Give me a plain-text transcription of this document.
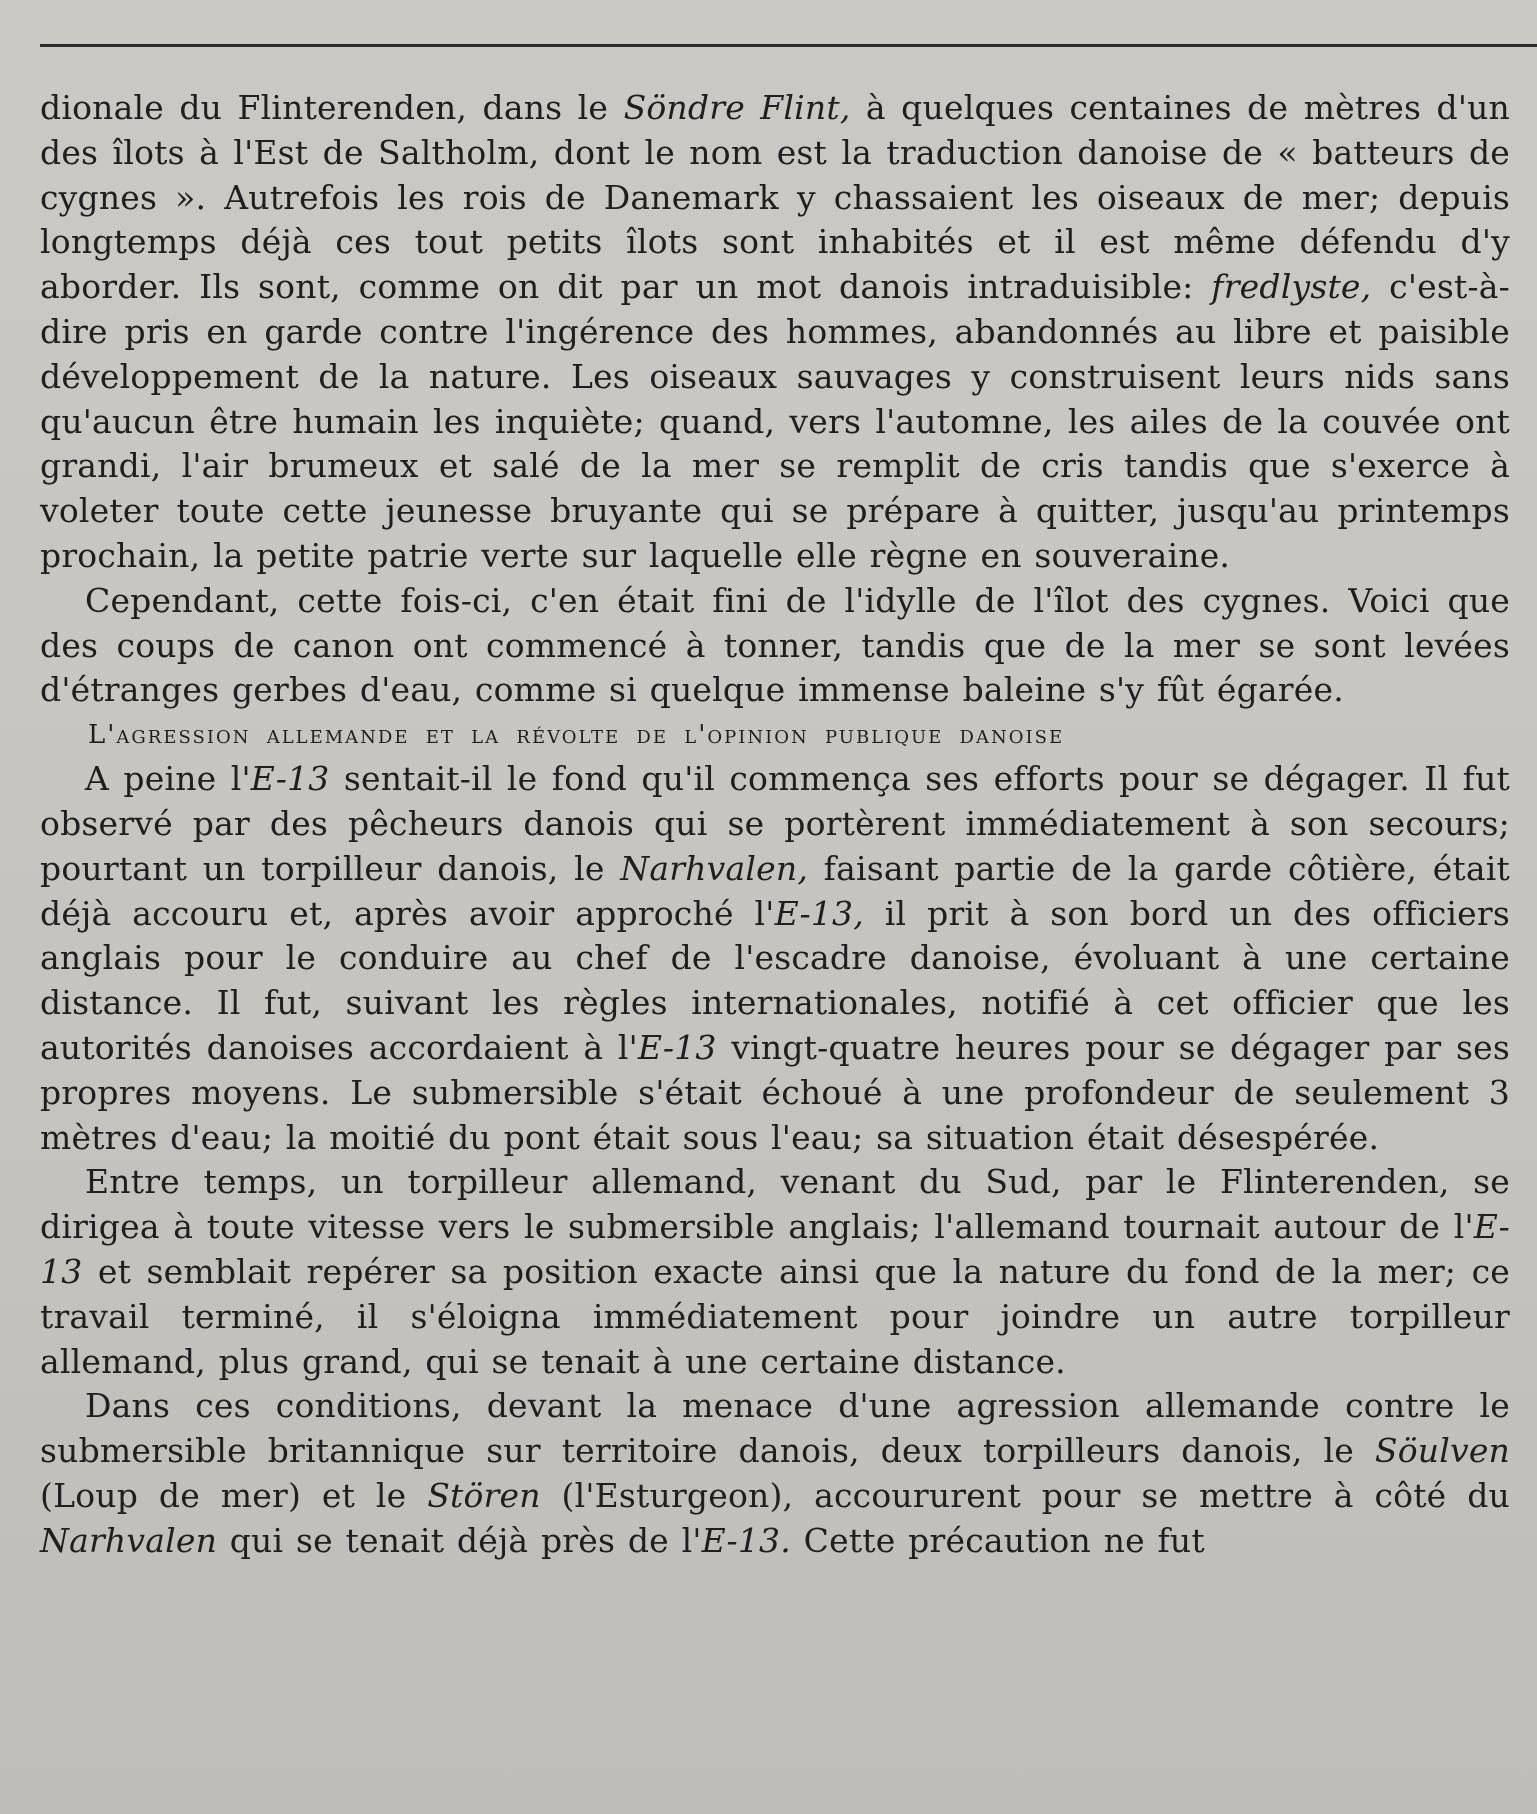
dionale du Flinterenden, dans le Söndre Flint, à quelques centaines de mètres d'un des îlots à l'Est de Saltholm, dont le nom est la traduction danoise de « batteurs de cygnes ». Autrefois les rois de Danemark y chassaient les oiseaux de mer; depuis longtemps déjà ces tout petits îlots sont inhabités et il est même défendu d'y aborder. Ils sont, comme on dit par un mot danois intraduisible: fredlyste, c'est-à-dire pris en garde contre l'ingérence des hommes, abandonnés au libre et paisible développement de la nature. Les oiseaux sauvages y construisent leurs nids sans qu'aucun être humain les inquiète; quand, vers l'automne, les ailes de la couvée ont grandi, l'air brumeux et salé de la mer se remplit de cris tandis que s'exerce à voleter toute cette jeunesse bruyante qui se prépare à quitter, jusqu'au printemps prochain, la petite patrie verte sur laquelle elle règne en souveraine.

Cependant, cette fois-ci, c'en était fini de l'idylle de l'îlot des cygnes. Voici que des coups de canon ont commencé à tonner, tandis que de la mer se sont levées d'étranges gerbes d'eau, comme si quelque immense baleine s'y fût égarée.

L'agression allemande et la révolte de l'opinion publique danoise

A peine l'E-13 sentait-il le fond qu'il commença ses efforts pour se dégager. Il fut observé par des pêcheurs danois qui se portèrent immédiatement à son secours; pourtant un torpilleur danois, le Narhvalen, faisant partie de la garde côtière, était déjà accouru et, après avoir approché l'E-13, il prit à son bord un des officiers anglais pour le conduire au chef de l'escadre danoise, évoluant à une certaine distance. Il fut, suivant les règles internationales, notifié à cet officier que les autorités danoises accordaient à l'E-13 vingt-quatre heures pour se dégager par ses propres moyens. Le submersible s'était échoué à une profondeur de seulement 3 mètres d'eau; la moitié du pont était sous l'eau; sa situation était désespérée.

Entre temps, un torpilleur allemand, venant du Sud, par le Flinterenden, se dirigea à toute vitesse vers le submersible anglais; l'allemand tournait autour de l'E-13 et semblait repérer sa position exacte ainsi que la nature du fond de la mer; ce travail terminé, il s'éloigna immédiatement pour joindre un autre torpilleur allemand, plus grand, qui se tenait à une certaine distance.

Dans ces conditions, devant la menace d'une agression allemande contre le submersible britannique sur territoire danois, deux torpilleurs danois, le Söulven (Loup de mer) et le Stören (l'Esturgeon), accoururent pour se mettre à côté du Narhvalen qui se tenait déjà près de l'E-13. Cette précaution ne fut
